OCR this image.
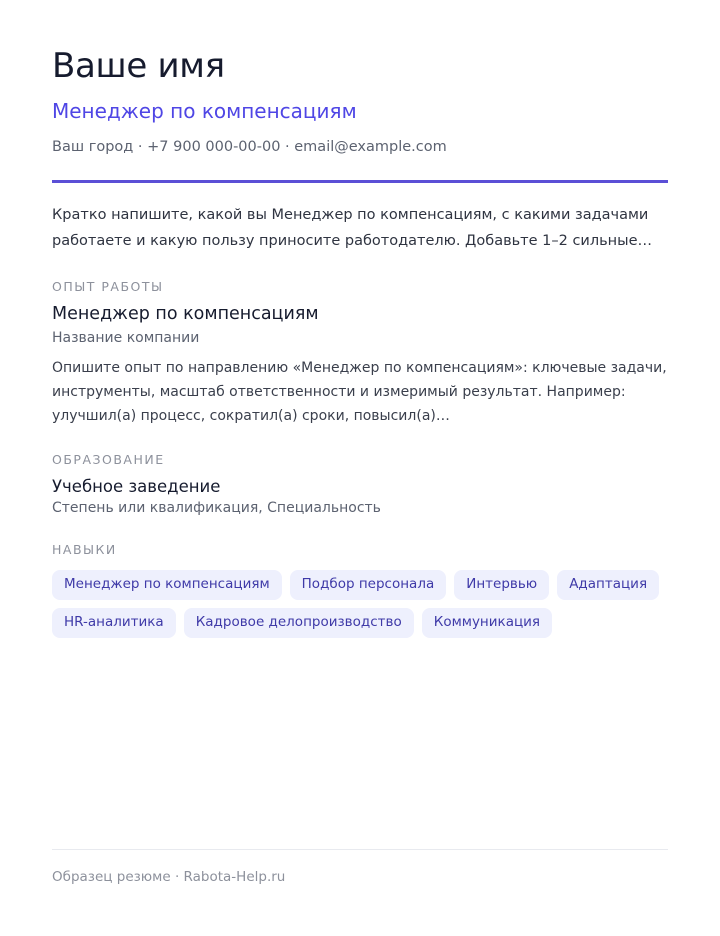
Ваше имя
Менеджер по компенсациям
Ваш город · +7 900 000-00-00 · email@example.com
Кратко напишите, какой вы Менеджер по компенсациям, с какими задачами работаете и какую пользу приносите работодателю. Добавьте 1–2 сильные…
ОПЫТ РАБОТЫ
Менеджер по компенсациям
Название компании
Опишите опыт по направлению «Менеджер по компенсациям»: ключевые задачи, инструменты, масштаб ответственности и измеримый результат. Например: улучшил(а) процесс, сократил(а) сроки, повысил(а)…
ОБРАЗОВАНИЕ
Учебное заведение
Степень или квалификация, Специальность
НАВЫКИ
Менеджер по компенсациям	Подбор персонала	Интервью	Адаптация
HR-аналитика	Кадровое делопроизводство	Коммуникация
Образец резюме · Rabota-Help.ru
